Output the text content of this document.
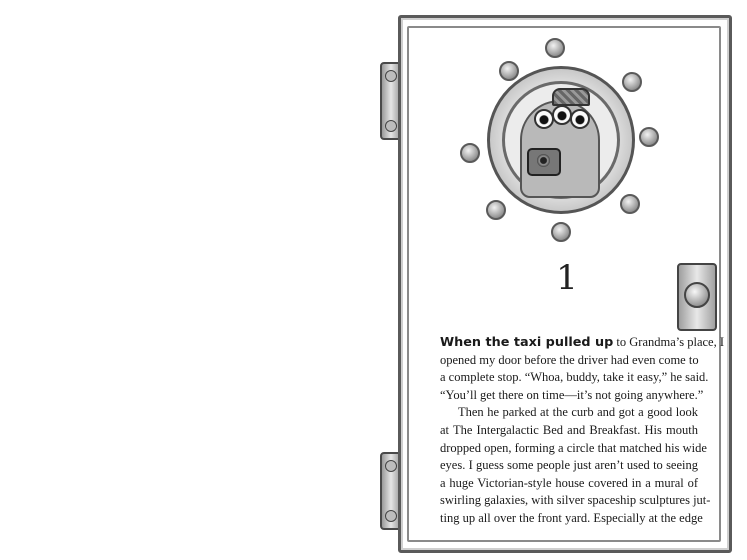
1
When the taxi pulled up to Grandma’s place, I
opened my door before the driver had even come to
a complete stop. “Whoa, buddy, take it easy,” he said.
“You’ll get there on time—it’s not going anywhere.”
Then he parked at the curb and got a good look
at The Intergalactic Bed and Breakfast. His mouth
dropped open, forming a circle that matched his wide
eyes. I guess some people just aren’t used to seeing
a huge Victorian-style house covered in a mural of
swirling galaxies, with silver spaceship sculptures jut-
ting up all over the front yard. Especially at the edge
